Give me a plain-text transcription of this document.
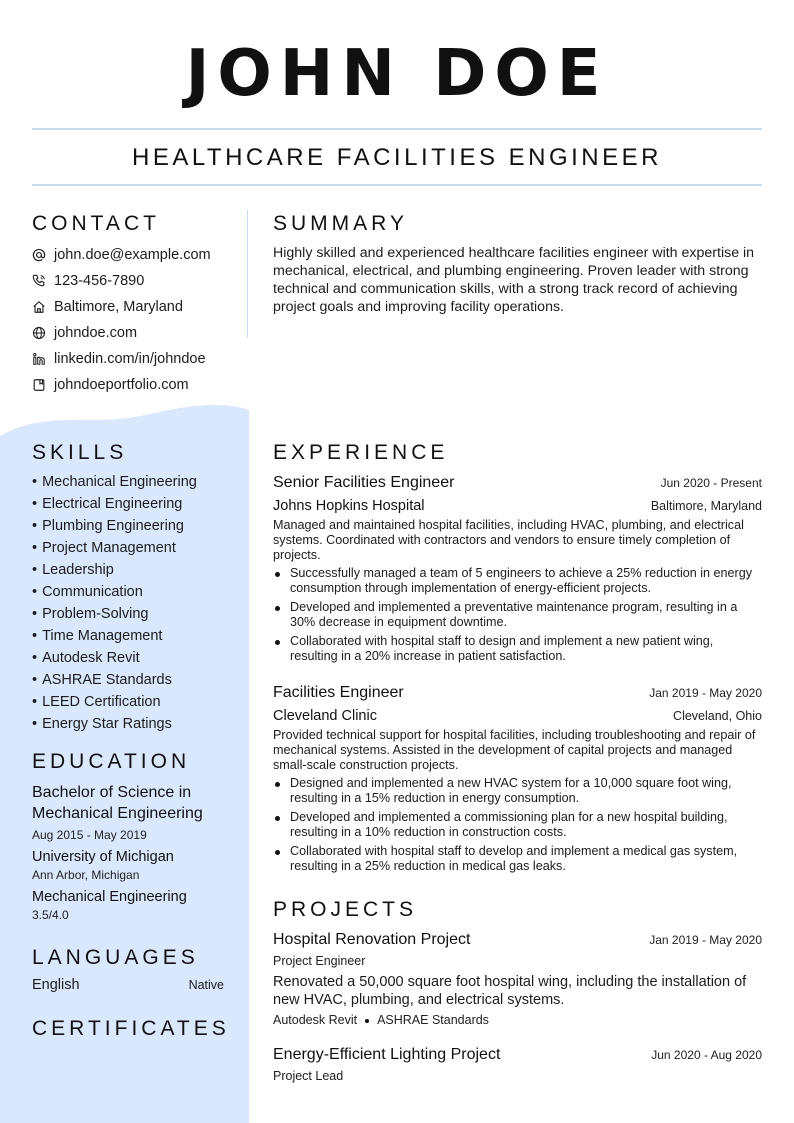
JOHN DOE
HEALTHCARE FACILITIES ENGINEER
CONTACT
john.doe@example.com
123-456-7890
Baltimore, Maryland
johndoe.com
linkedin.com/in/johndoe
johndoeportfolio.com
SUMMARY

Highly skilled and experienced healthcare facilities engineer with expertise in mechanical, electrical, and plumbing engineering. Proven leader with strong technical and communication skills, with a strong track record of achieving project goals and improving facility operations.

SKILLS
• Mechanical Engineering
• Electrical Engineering
• Plumbing Engineering
• Project Management
• Leadership
• Communication
• Problem-Solving
• Time Management
• Autodesk Revit
• ASHRAE Standards
• LEED Certification
• Energy Star Ratings
EDUCATION
Bachelor of Science in Mechanical Engineering
Aug 2015 - May 2019
University of Michigan
Ann Arbor, Michigan
Mechanical Engineering
3.5/4.0
LANGUAGES
English	Native
CERTIFICATES
EXPERIENCE
Senior Facilities Engineer	Jun 2020 - Present
Johns Hopkins Hospital	Baltimore, Maryland

Managed and maintained hospital facilities, including HVAC, plumbing, and electrical systems. Coordinated with contractors and vendors to ensure timely completion of projects.

Successfully managed a team of 5 engineers to achieve a 25% reduction in energy consumption through implementation of energy-efficient projects.
Developed and implemented a preventative maintenance program, resulting in a 30% decrease in equipment downtime.
Collaborated with hospital staff to design and implement a new patient wing, resulting in a 20% increase in patient satisfaction.
Facilities Engineer	Jan 2019 - May 2020
Cleveland Clinic	Cleveland, Ohio

Provided technical support for hospital facilities, including troubleshooting and repair of mechanical systems. Assisted in the development of capital projects and managed small-scale construction projects.

Designed and implemented a new HVAC system for a 10,000 square foot wing, resulting in a 15% reduction in energy consumption.
Developed and implemented a commissioning plan for a new hospital building, resulting in a 10% reduction in construction costs.
Collaborated with hospital staff to develop and implement a medical gas system, resulting in a 25% reduction in medical gas leaks.
PROJECTS
Hospital Renovation Project	Jan 2019 - May 2020
Project Engineer

Renovated a 50,000 square foot hospital wing, including the installation of new HVAC, plumbing, and electrical systems.

Autodesk Revit ASHRAE Standards
Energy-Efficient Lighting Project	Jun 2020 - Aug 2020
Project Lead
